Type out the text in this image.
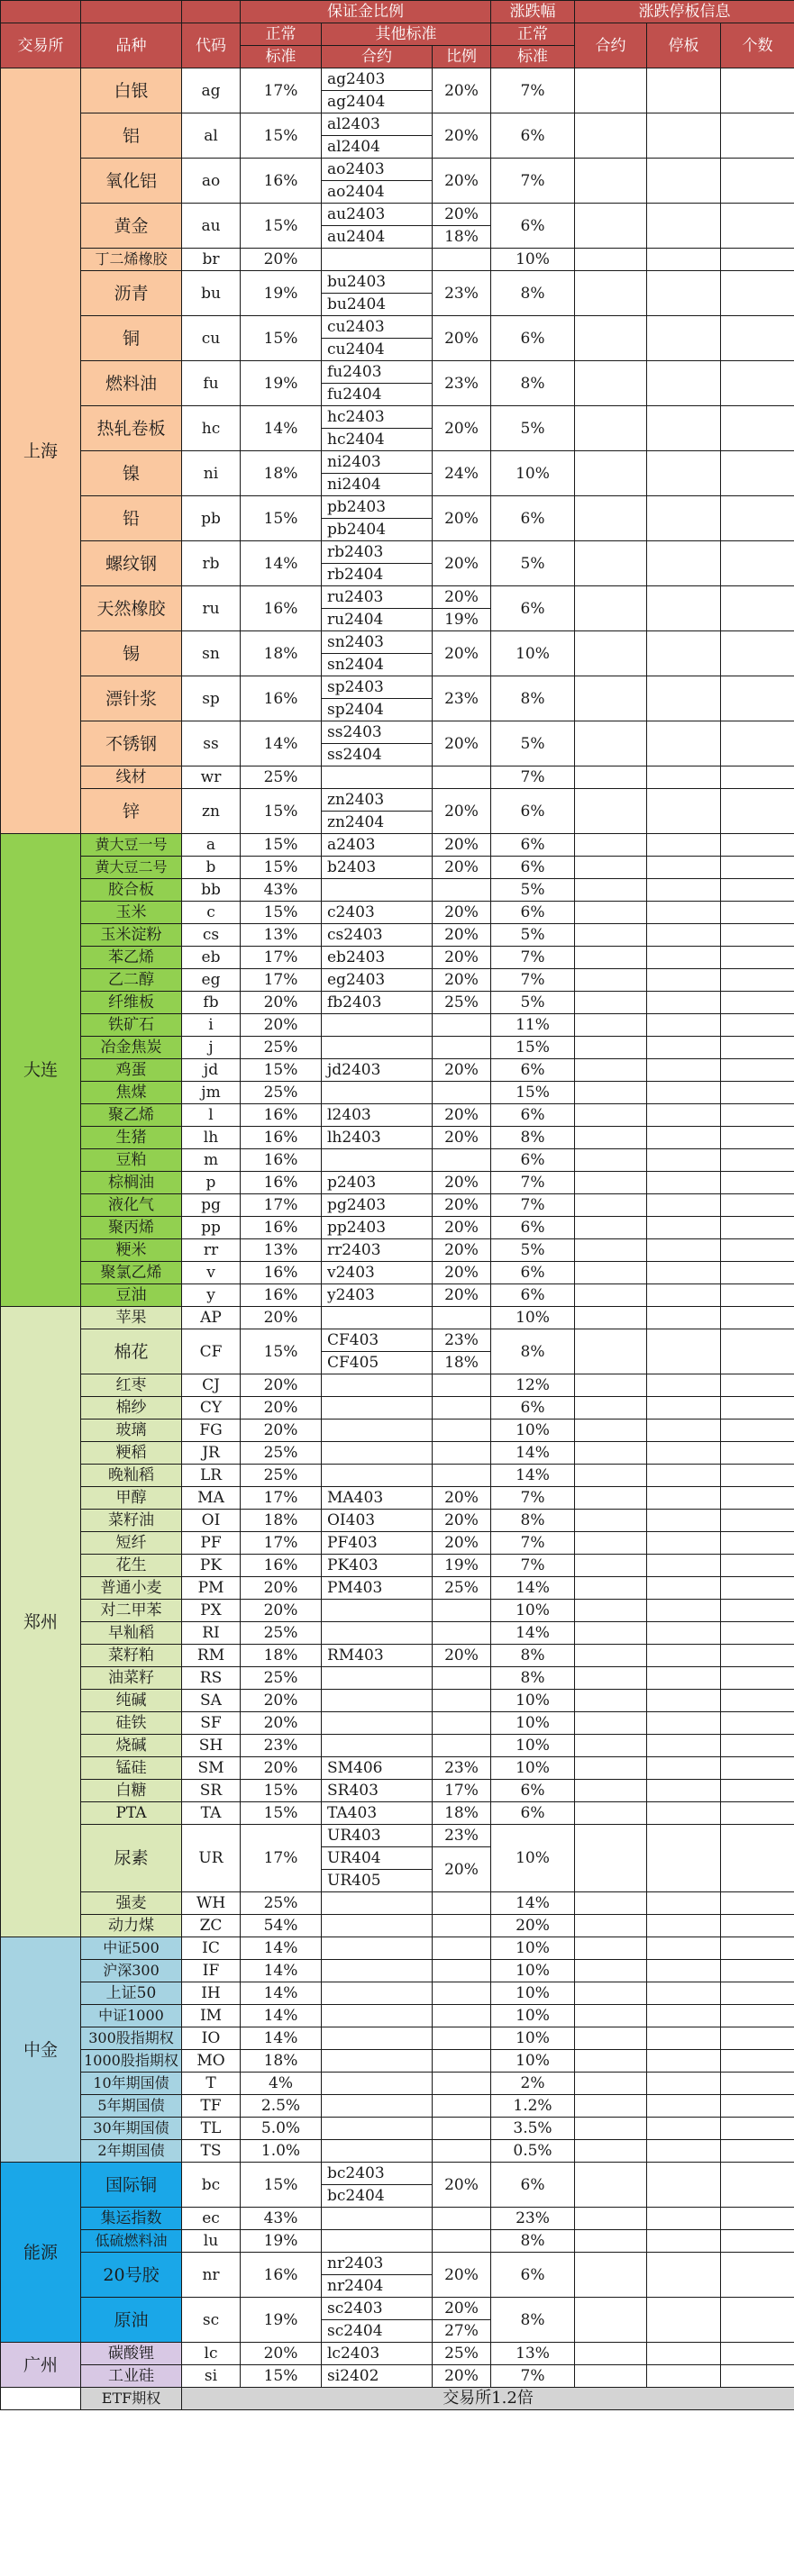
			保证金比例			涨跌幅	涨跌停板信息		
交易所	品种	代码	正常	其他标准		正常	合约	停板	个数
			标准	合约	比例	标准			
上海	白银	ag	17%	ag2403	20%	7%			
				ag2404					
	铝	al	15%	al2403	20%	6%			
				al2404					
	氧化铝	ao	16%	ao2403	20%	7%			
				ao2404					
	黄金	au	15%	au2403	20%	6%			
				au2404	18%				
	丁二烯橡胶	br	20%			10%			
	沥青	bu	19%	bu2403	23%	8%			
				bu2404					
	铜	cu	15%	cu2403	20%	6%			
				cu2404					
	燃料油	fu	19%	fu2403	23%	8%			
				fu2404					
	热轧卷板	hc	14%	hc2403	20%	5%			
				hc2404					
	镍	ni	18%	ni2403	24%	10%			
				ni2404					
	铅	pb	15%	pb2403	20%	6%			
				pb2404					
	螺纹钢	rb	14%	rb2403	20%	5%			
				rb2404					
	天然橡胶	ru	16%	ru2403	20%	6%			
				ru2404	19%				
	锡	sn	18%	sn2403	20%	10%			
				sn2404					
	漂针浆	sp	16%	sp2403	23%	8%			
				sp2404					
	不锈钢	ss	14%	ss2403	20%	5%			
				ss2404					
	线材	wr	25%			7%			
	锌	zn	15%	zn2403	20%	6%			
				zn2404					
大连	黄大豆一号	a	15%	a2403	20%	6%			
	黄大豆二号	b	15%	b2403	20%	6%			
	胶合板	bb	43%			5%			
	玉米	c	15%	c2403	20%	6%			
	玉米淀粉	cs	13%	cs2403	20%	5%			
	苯乙烯	eb	17%	eb2403	20%	7%			
	乙二醇	eg	17%	eg2403	20%	7%			
	纤维板	fb	20%	fb2403	25%	5%			
	铁矿石	i	20%			11%			
	冶金焦炭	j	25%			15%			
	鸡蛋	jd	15%	jd2403	20%	6%			
	焦煤	jm	25%			15%			
	聚乙烯	l	16%	l2403	20%	6%			
	生猪	lh	16%	lh2403	20%	8%			
	豆粕	m	16%			6%			
	棕榈油	p	16%	p2403	20%	7%			
	液化气	pg	17%	pg2403	20%	7%			
	聚丙烯	pp	16%	pp2403	20%	6%			
	粳米	rr	13%	rr2403	20%	5%			
	聚氯乙烯	v	16%	v2403	20%	6%			
	豆油	y	16%	y2403	20%	6%			
郑州	苹果	AP	20%			10%			
	棉花	CF	15%	CF403	23%	8%			
				CF405	18%				
	红枣	CJ	20%			12%			
	棉纱	CY	20%			6%			
	玻璃	FG	20%			10%			
	粳稻	JR	25%			14%			
	晚籼稻	LR	25%			14%			
	甲醇	MA	17%	MA403	20%	7%			
	菜籽油	OI	18%	OI403	20%	8%			
	短纤	PF	17%	PF403	20%	7%			
	花生	PK	16%	PK403	19%	7%			
	普通小麦	PM	20%	PM403	25%	14%			
	对二甲苯	PX	20%			10%			
	早籼稻	RI	25%			14%			
	菜籽粕	RM	18%	RM403	20%	8%			
	油菜籽	RS	25%			8%			
	纯碱	SA	20%			10%			
	硅铁	SF	20%			10%			
	烧碱	SH	23%			10%			
	锰硅	SM	20%	SM406	23%	10%			
	白糖	SR	15%	SR403	17%	6%			
	PTA	TA	15%	TA403	18%	6%			
	尿素	UR	17%	UR403	23%	10%			
				UR404	20%				
				UR405					
	强麦	WH	25%			14%			
	动力煤	ZC	54%			20%			
中金	中证500	IC	14%			10%			
	沪深300	IF	14%			10%			
	上证50	IH	14%			10%			
	中证1000	IM	14%			10%			
	300股指期权	IO	14%			10%			
	1000股指期权	MO	18%			10%			
	10年期国债	T	4%			2%			
	5年期国债	TF	2.5%			1.2%			
	30年期国债	TL	5.0%			3.5%			
	2年期国债	TS	1.0%			0.5%			
能源	国际铜	bc	15%	bc2403	20%	6%			
				bc2404					
	集运指数	ec	43%			23%			
	低硫燃料油	lu	19%			8%			
	20号胶	nr	16%	nr2403	20%	6%			
				nr2404					
	原油	sc	19%	sc2403	20%	8%			
				sc2404	27%				
广州	碳酸锂	lc	20%	lc2403	25%	13%			
	工业硅	si	15%	si2402	20%	7%			
	ETF期权	交易所1.2倍							
